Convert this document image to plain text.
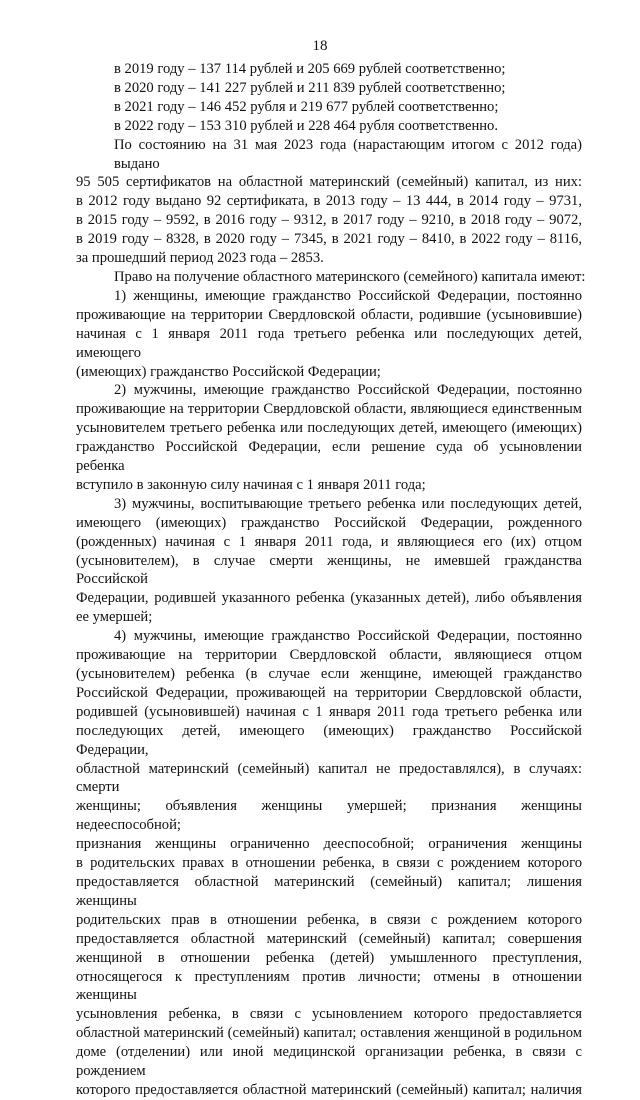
18
в 2019 году – 137 114 рублей и 205 669 рублей соответственно;
в 2020 году – 141 227 рублей и 211 839 рублей соответственно;
в 2021 году – 146 452 рубля и 219 677 рублей соответственно;
в 2022 году – 153 310 рублей и 228 464 рубля соответственно.
По состоянию на 31 мая 2023 года (нарастающим итогом с 2012 года) выдано
95 505 сертификатов на областной материнский (семейный) капитал, из них:
в 2012 году выдано 92 сертификата, в 2013 году – 13 444, в 2014 году – 9731,
в 2015 году – 9592, в 2016 году – 9312, в 2017 году – 9210, в 2018 году – 9072,
в 2019 году – 8328, в 2020 году – 7345, в 2021 году – 8410, в 2022 году – 8116,
за прошедший период 2023 года – 2853.
Право на получение областного материнского (семейного) капитала имеют:
1) женщины, имеющие гражданство Российской Федерации, постоянно
проживающие на территории Свердловской области, родившие (усыновившие)
начиная с 1 января 2011 года третьего ребенка или последующих детей, имеющего
(имеющих) гражданство Российской Федерации;
2) мужчины, имеющие гражданство Российской Федерации, постоянно
проживающие на территории Свердловской области, являющиеся единственным
усыновителем третьего ребенка или последующих детей, имеющего (имеющих)
гражданство Российской Федерации, если решение суда об усыновлении ребенка
вступило в законную силу начиная с 1 января 2011 года;
3) мужчины, воспитывающие третьего ребенка или последующих детей,
имеющего (имеющих) гражданство Российской Федерации, рожденного
(рожденных) начиная с 1 января 2011 года, и являющиеся его (их) отцом
(усыновителем), в случае смерти женщины, не имевшей гражданства Российской
Федерации, родившей указанного ребенка (указанных детей), либо объявления
ее умершей;
4) мужчины, имеющие гражданство Российской Федерации, постоянно
проживающие на территории Свердловской области, являющиеся отцом
(усыновителем) ребенка (в случае если женщине, имеющей гражданство
Российской Федерации, проживающей на территории Свердловской области,
родившей (усыновившей) начиная с 1 января 2011 года третьего ребенка или
последующих детей, имеющего (имеющих) гражданство Российской Федерации,
областной материнский (семейный) капитал не предоставлялся), в случаях: смерти
женщины; объявления женщины умершей; признания женщины недееспособной;
признания женщины ограниченно дееспособной; ограничения женщины
в родительских правах в отношении ребенка, в связи с рождением которого
предоставляется областной материнский (семейный) капитал; лишения женщины
родительских прав в отношении ребенка, в связи с рождением которого
предоставляется областной материнский (семейный) капитал; совершения
женщиной в отношении ребенка (детей) умышленного преступления,
относящегося к преступлениям против личности; отмены в отношении женщины
усыновления ребенка, в связи с усыновлением которого предоставляется
областной материнский (семейный) капитал; оставления женщиной в родильном
доме (отделении) или иной медицинской организации ребенка, в связи с рождением
которого предоставляется областной материнский (семейный) капитал; наличия
